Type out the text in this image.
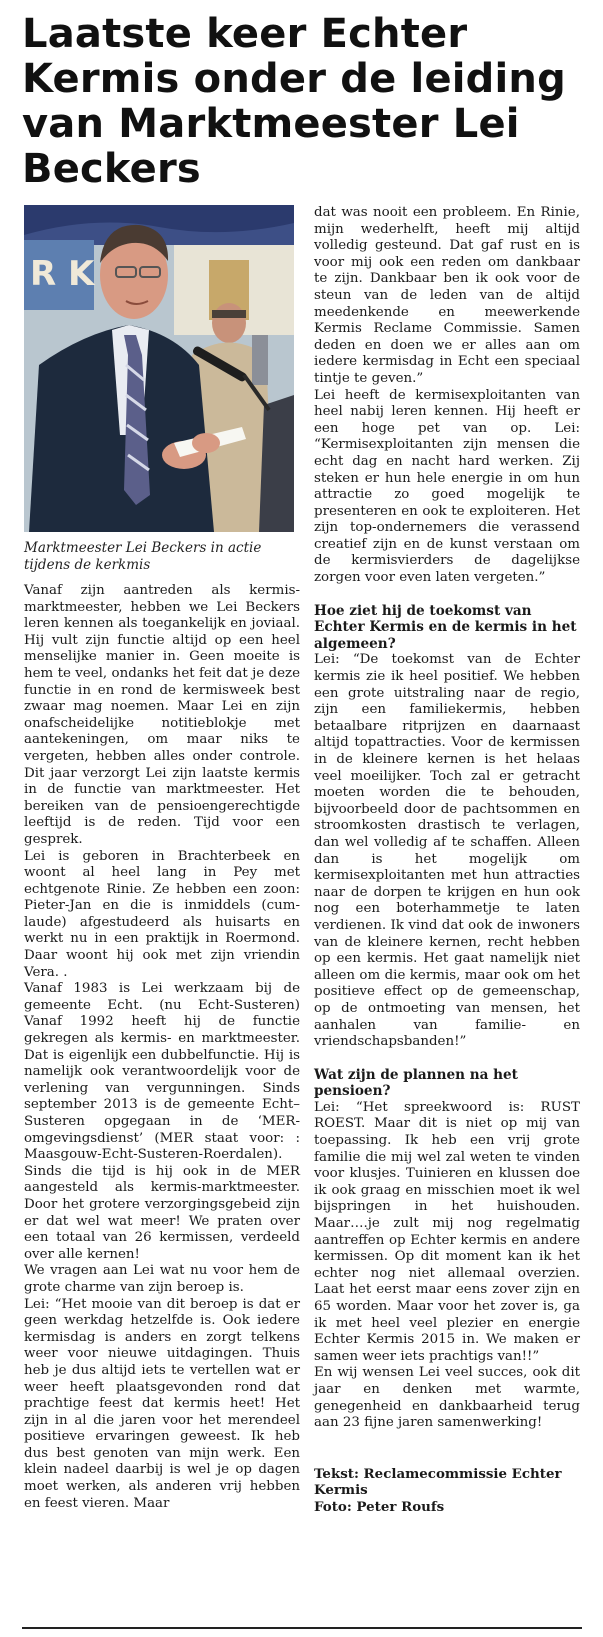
Laatste keer Echter Kermis onder de leiding van Marktmeester Lei Beckers
R K
Marktmeester Lei Beckers in actie tijdens de kerkmis

Vanaf zijn aantreden als kermis-marktmeester, hebben we Lei Beckers leren kennen als toegankelijk en joviaal. Hij vult zijn functie altijd op een heel menselijke manier in. Geen moeite is hem te veel, ondanks het feit dat je deze functie in en rond de kermisweek best zwaar mag noemen. Maar Lei en zijn onafscheidelijke notitieblokje met aantekeningen, om maar niks te vergeten, hebben alles onder controle. Dit jaar verzorgt Lei zijn laatste kermis in de functie van marktmeester. Het bereiken van de pensioengerechtigde leeftijd is de reden. Tijd voor een gesprek.

Lei is geboren in Brachterbeek en woont al heel lang in Pey met echtgenote Rinie. Ze hebben een zoon: Pieter-Jan en die is inmiddels (cum-laude) afgestudeerd als huisarts en werkt nu in een praktijk in Roermond. Daar woont hij ook met zijn vriendin Vera. .

Vanaf 1983 is Lei werkzaam bij de gemeente Echt. (nu Echt-Susteren) Vanaf 1992 heeft hij de functie gekregen als kermis- en marktmeester. Dat is eigenlijk een dubbelfunctie. Hij is namelijk ook verantwoordelijk voor de verlening van vergunningen. Sinds september 2013 is de gemeente Echt–Susteren opgegaan in de ‘MER-omgevingsdienst’ (MER staat voor: : Maasgouw-Echt-Susteren-Roerdalen). Sinds die tijd is hij ook in de MER aangesteld als kermis-marktmeester. Door het grotere verzorgingsgebeid zijn er dat wel wat meer! We praten over een totaal van 26 kermissen, verdeeld over alle kernen!

We vragen aan Lei wat nu voor hem de grote charme van zijn beroep is.

Lei: “Het mooie van dit beroep is dat er geen werkdag hetzelfde is. Ook iedere kermisdag is anders en zorgt telkens weer voor nieuwe uitdagingen. Thuis heb je dus altijd iets te vertellen wat er weer heeft plaatsgevonden rond dat prachtige feest dat kermis heet! Het zijn in al die jaren voor het merendeel positieve ervaringen geweest. Ik heb dus best genoten van mijn werk. Een klein nadeel daarbij is wel je op dagen moet werken, als anderen vrij hebben en feest vieren. Maar

dat was nooit een probleem. En Rinie, mijn wederhelft, heeft mij altijd volledig gesteund. Dat gaf rust en is voor mij ook een reden om dankbaar te zijn. Dankbaar ben ik ook voor de steun van de leden van de altijd meedenkende en meewerkende Kermis Reclame Commissie. Samen deden en doen we er alles aan om iedere kermisdag in Echt een speciaal tintje te geven.”

Lei heeft de kermisexploitanten van heel nabij leren kennen. Hij heeft er een hoge pet van op. Lei: “Kermisexploitanten zijn mensen die echt dag en nacht hard werken. Zij steken er hun hele energie in om hun attractie zo goed mogelijk te presenteren en ook te exploiteren. Het zijn top-ondernemers die verassend creatief zijn en de kunst verstaan om de kermisvierders de dagelijkse zorgen voor even laten vergeten.”

Hoe ziet hij de toekomst van Echter Kermis en de kermis in het algemeen?

Lei: “De toekomst van de Echter kermis zie ik heel positief. We hebben een grote uitstraling naar de regio, zijn een familiekermis, hebben betaalbare ritprijzen en daarnaast altijd topattracties. Voor de kermissen in de kleinere kernen is het helaas veel moeilijker. Toch zal er getracht moeten worden die te behouden, bijvoorbeeld door de pachtsommen en stroomkosten drastisch te verlagen, dan wel volledig af te schaffen. Alleen dan is het mogelijk om kermisexploitanten met hun attracties naar de dorpen te krijgen en hun ook nog een boterhammetje te laten verdienen. Ik vind dat ook de inwoners van de kleinere kernen, recht hebben op een kermis. Het gaat namelijk niet alleen om die kermis, maar ook om het positieve effect op de gemeenschap, op de ontmoeting van mensen, het aanhalen van familie- en vriendschapsbanden!”

Wat zijn de plannen na het pensioen?

Lei: “Het spreekwoord is: RUST ROEST. Maar dit is niet op mij van toepassing. Ik heb een vrij grote familie die mij wel zal weten te vinden voor klusjes. Tuinieren en klussen doe ik ook graag en misschien moet ik wel bijspringen in het huishouden. Maar….je zult mij nog regelmatig aantreffen op Echter kermis en andere kermissen. Op dit moment kan ik het echter nog niet allemaal overzien. Laat het eerst maar eens zover zijn en 65 worden. Maar voor het zover is, ga ik met heel veel plezier en energie Echter Kermis 2015 in. We maken er samen weer iets prachtigs van!!”

En wij wensen Lei veel succes, ook dit jaar en denken met warmte, genegenheid en dankbaarheid terug aan 23 fijne jaren samenwerking!

Tekst: Reclamecommissie Echter Kermis

Foto: Peter Roufs
